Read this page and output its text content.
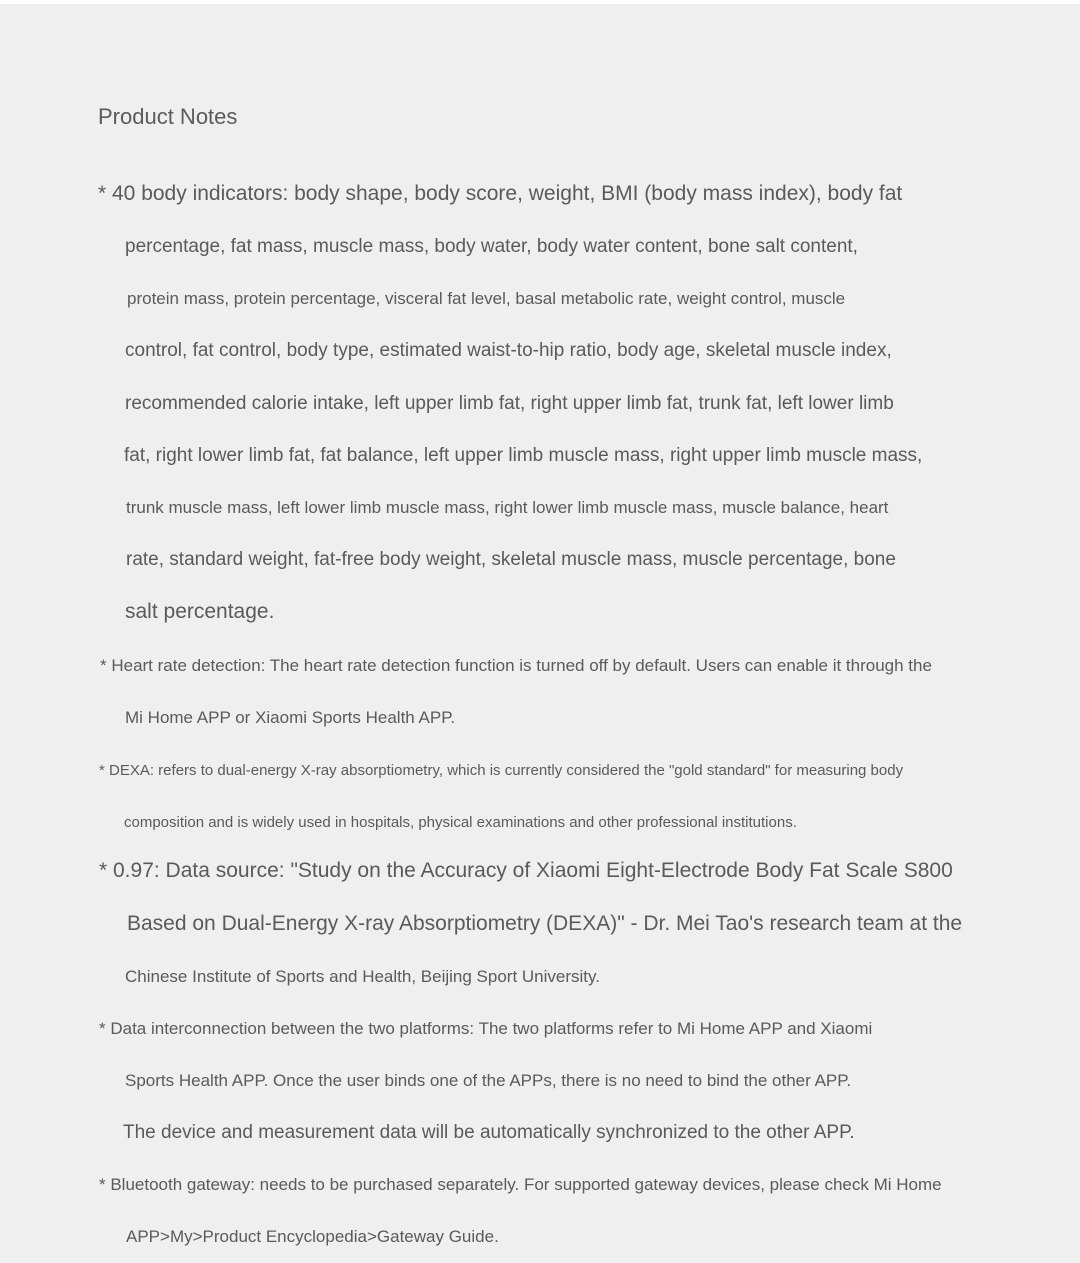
Product Notes
* 40 body indicators: body shape, body score, weight, BMI (body mass index), body fat
percentage, fat mass, muscle mass, body water, body water content, bone salt content,
protein mass, protein percentage, visceral fat level, basal metabolic rate, weight control, muscle
control, fat control, body type, estimated waist-to-hip ratio, body age, skeletal muscle index,
recommended calorie intake, left upper limb fat, right upper limb fat, trunk fat, left lower limb
fat, right lower limb fat, fat balance, left upper limb muscle mass, right upper limb muscle mass,
trunk muscle mass, left lower limb muscle mass, right lower limb muscle mass, muscle balance, heart
rate, standard weight, fat-free body weight, skeletal muscle mass, muscle percentage, bone
salt percentage.
* Heart rate detection: The heart rate detection function is turned off by default. Users can enable it through the
Mi Home APP or Xiaomi Sports Health APP.
* DEXA: refers to dual-energy X-ray absorptiometry, which is currently considered the "gold standard" for measuring body
composition and is widely used in hospitals, physical examinations and other professional institutions.
* 0.97: Data source: "Study on the Accuracy of Xiaomi Eight-Electrode Body Fat Scale S800
Based on Dual-Energy X-ray Absorptiometry (DEXA)" - Dr. Mei Tao's research team at the
Chinese Institute of Sports and Health, Beijing Sport University.
* Data interconnection between the two platforms: The two platforms refer to Mi Home APP and Xiaomi
Sports Health APP. Once the user binds one of the APPs, there is no need to bind the other APP.
The device and measurement data will be automatically synchronized to the other APP.
* Bluetooth gateway: needs to be purchased separately. For supported gateway devices, please check Mi Home
APP>My>Product Encyclopedia>Gateway Guide.
